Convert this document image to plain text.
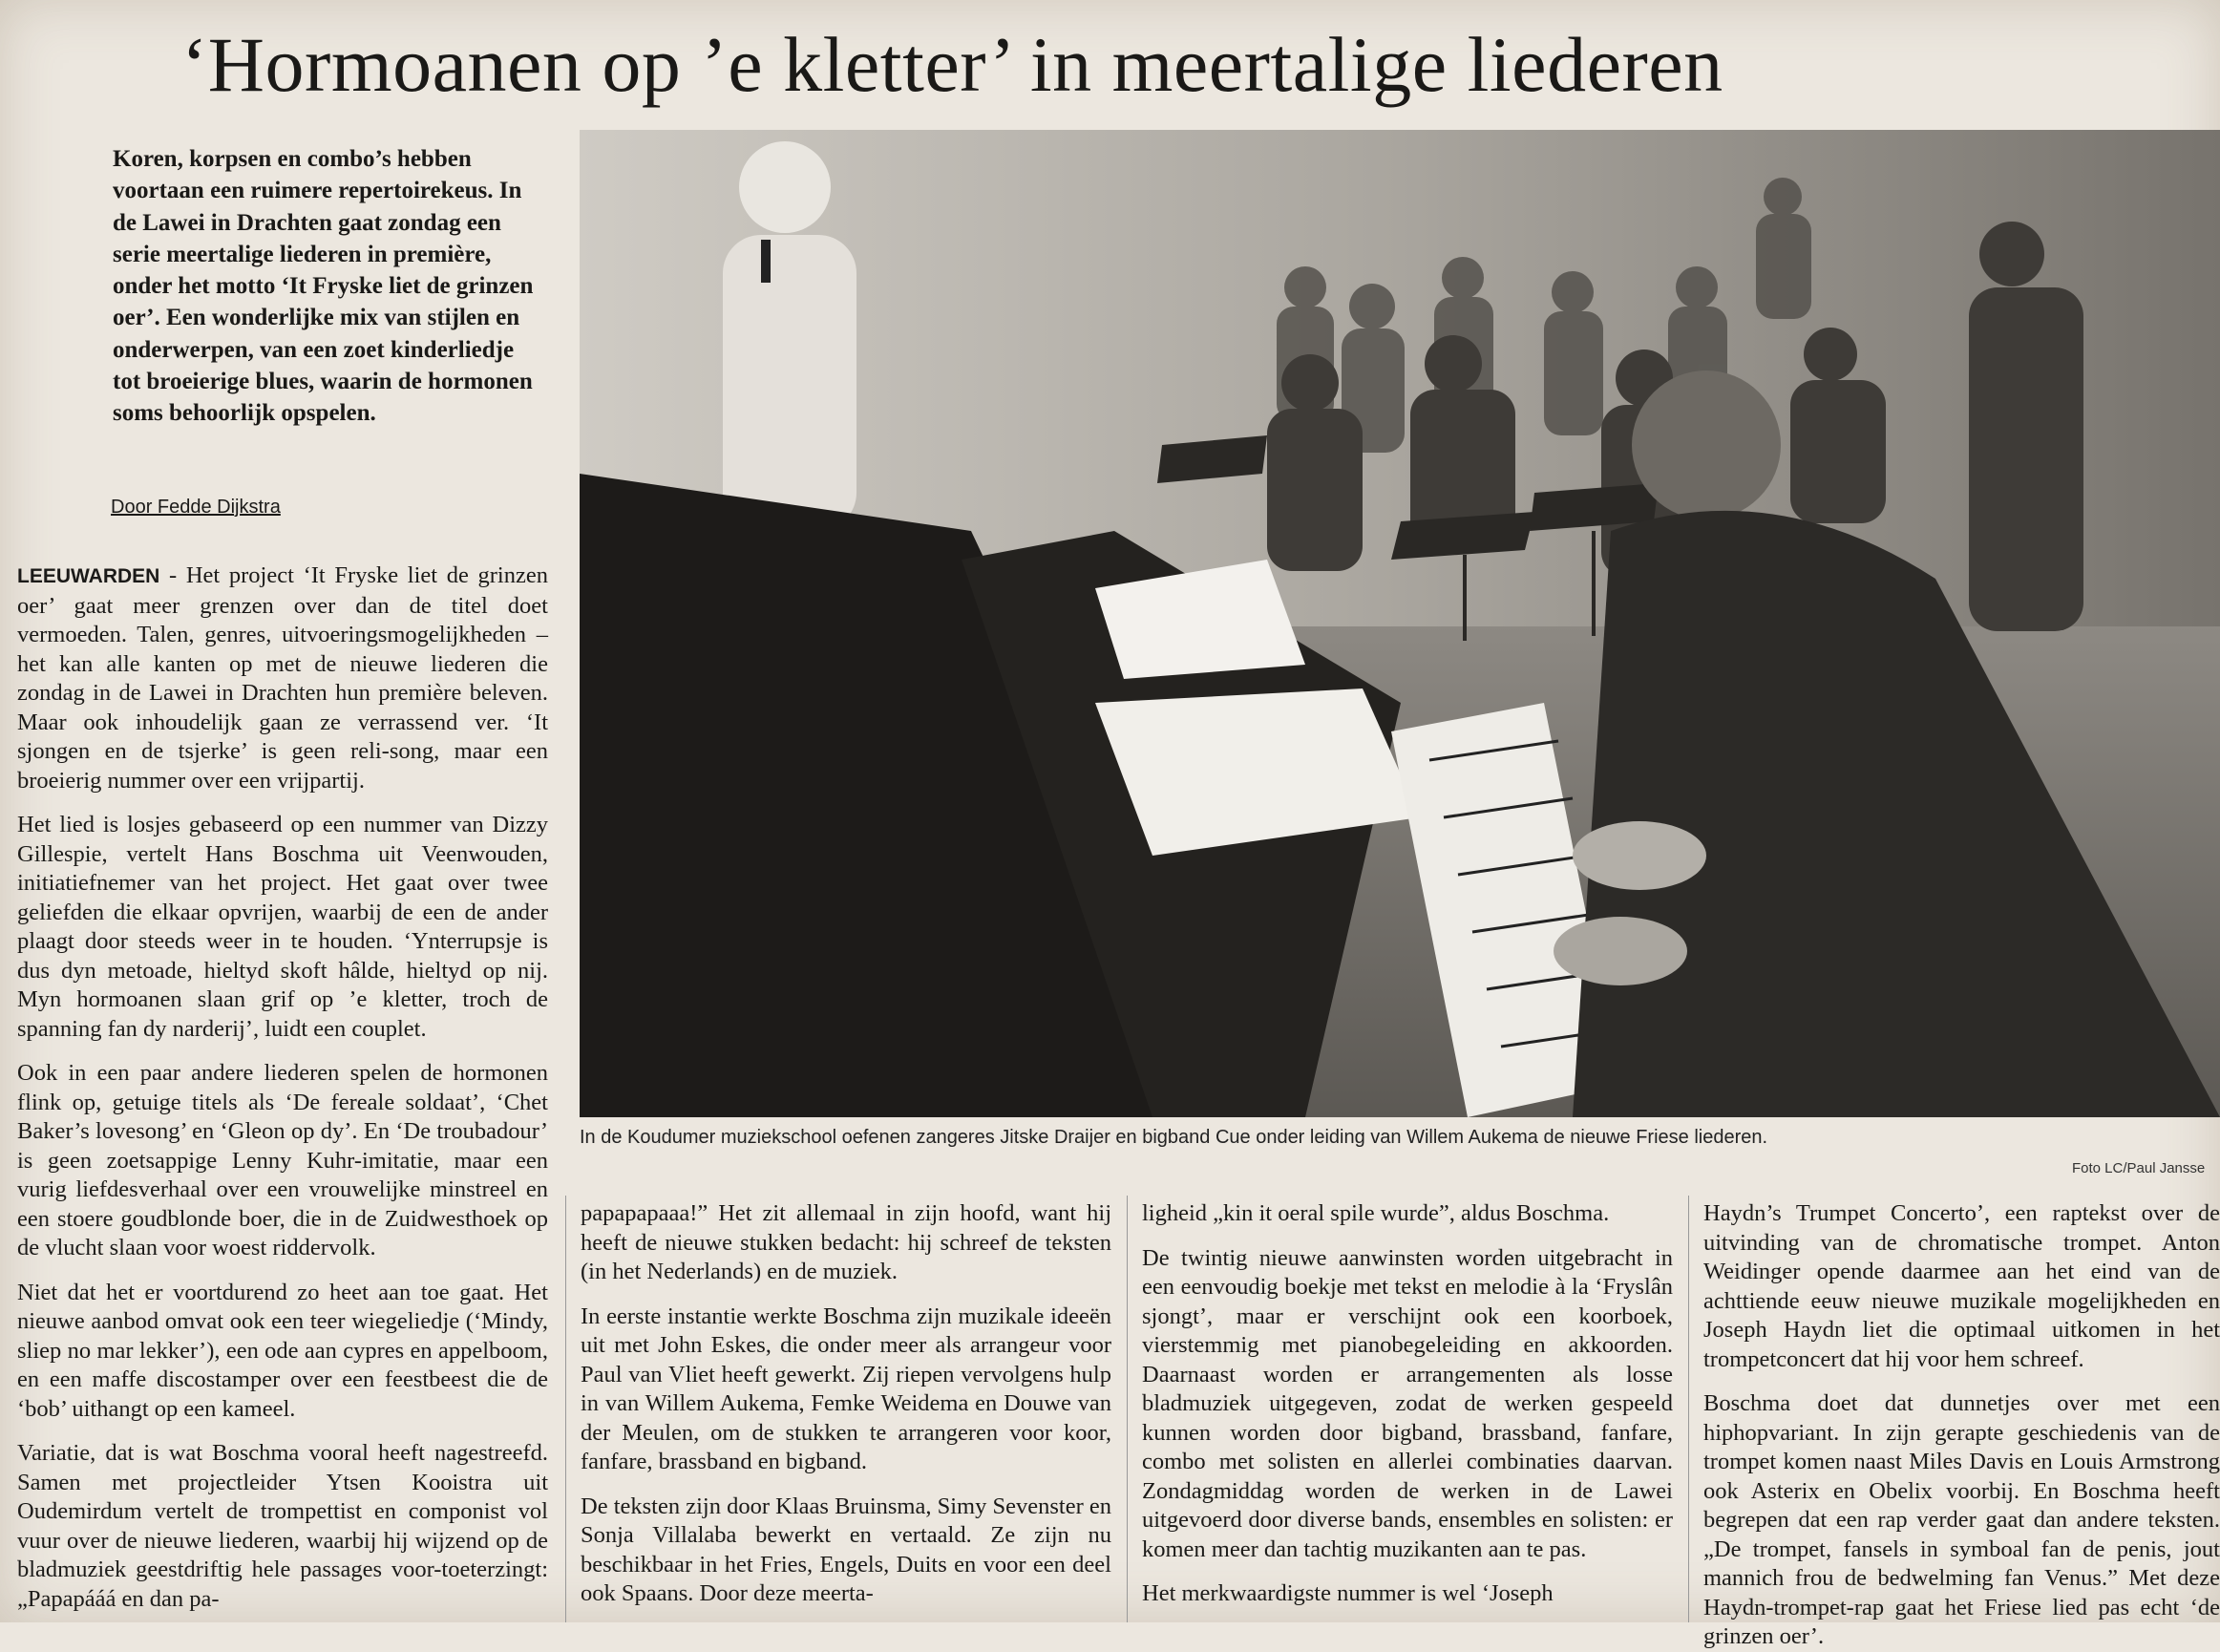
‘Hormoanen op ’e kletter’ in meertalige liederen
Koren, korpsen en combo’s hebben voortaan een ruimere repertoirekeus. In de Lawei in Drachten gaat zondag een serie meertalige liederen in première, onder het motto ‘It Fryske liet de grinzen oer’. Een wonderlijke mix van stijlen en onderwerpen, van een zoet kinderliedje tot broeierige blues, waarin de hormonen soms behoorlijk opspelen.
Door Fedde Dijkstra

LEEUWARDEN - Het project ‘It Fryske liet de grinzen oer’ gaat meer grenzen over dan de titel doet vermoeden. Talen, genres, uitvoeringsmogelijkheden – het kan alle kanten op met de nieuwe liederen die zondag in de Lawei in Drachten hun première beleven. Maar ook inhoudelijk gaan ze verrassend ver. ‘It sjongen en de tsjerke’ is geen reli-song, maar een broeierig nummer over een vrijpartij.

Het lied is losjes gebaseerd op een nummer van Dizzy Gillespie, vertelt Hans Boschma uit Veenwouden, initiatiefnemer van het project. Het gaat over twee geliefden die elkaar opvrijen, waarbij de een de ander plaagt door steeds weer in te houden. ‘Ynterrupsje is dus dyn metoade, hieltyd skoft hâlde, hieltyd op nij. Myn hormoanen slaan grif op ’e kletter, troch de spanning fan dy narderij’, luidt een couplet.

Ook in een paar andere liederen spelen de hormonen flink op, getuige titels als ‘De fereale soldaat’, ‘Chet Baker’s lovesong’ en ‘Gleon op dy’. En ‘De troubadour’ is geen zoetsappige Lenny Kuhr-imitatie, maar een vurig liefdesverhaal over een vrouwelijke minstreel en een stoere goudblonde boer, die in de Zuidwesthoek op de vlucht slaan voor woest riddervolk.

Niet dat het er voortdurend zo heet aan toe gaat. Het nieuwe aanbod omvat ook een teer wiegeliedje (‘Mindy, sliep no mar lekker’), een ode aan cypres en appelboom, en een maffe discostamper over een feestbeest die de ‘bob’ uithangt op een kameel.

Variatie, dat is wat Boschma vooral heeft nagestreefd. Samen met projectleider Ytsen Kooistra uit Oudemirdum vertelt de trompettist en componist vol vuur over de nieuwe liederen, waarbij hij wijzend op de bladmuziek geestdriftig hele passages voor-toeterzingt: „Papapááá en dan pa-

In de Koudumer muziekschool oefenen zangeres Jitske Draijer en bigband Cue onder leiding van Willem Aukema de nieuwe Friese liederen.
Foto LC/Paul Jansse

papapapaaa!” Het zit allemaal in zijn hoofd, want hij heeft de nieuwe stukken bedacht: hij schreef de teksten (in het Nederlands) en de muziek.

In eerste instantie werkte Boschma zijn muzikale ideeën uit met John Eskes, die onder meer als arrangeur voor Paul van Vliet heeft gewerkt. Zij riepen vervolgens hulp in van Willem Aukema, Femke Weidema en Douwe van der Meulen, om de stukken te arrangeren voor koor, fanfare, brassband en bigband.

De teksten zijn door Klaas Bruinsma, Simy Sevenster en Sonja Villalaba bewerkt en vertaald. Ze zijn nu beschikbaar in het Fries, Engels, Duits en voor een deel ook Spaans. Door deze meerta-

ligheid „kin it oeral spile wurde”, aldus Boschma.

De twintig nieuwe aanwinsten worden uitgebracht in een eenvoudig boekje met tekst en melodie à la ‘Fryslân sjongt’, maar er verschijnt ook een koorboek, vierstemmig met pianobegeleiding en akkoorden. Daarnaast worden er arrangementen als losse bladmuziek uitgegeven, zodat de werken gespeeld kunnen worden door bigband, brassband, fanfare, combo met solisten en allerlei combinaties daarvan. Zondagmiddag worden de werken in de Lawei uitgevoerd door diverse bands, ensembles en solisten: er komen meer dan tachtig muzikanten aan te pas.

Het merkwaardigste nummer is wel ‘Joseph

Haydn’s Trumpet Concerto’, een raptekst over de uitvinding van de chromatische trompet. Anton Weidinger opende daarmee aan het eind van de achttiende eeuw nieuwe muzikale mogelijkheden en Joseph Haydn liet die optimaal uitkomen in het trompetconcert dat hij voor hem schreef.

Boschma doet dat dunnetjes over met een hiphopvariant. In zijn gerapte geschiedenis van de trompet komen naast Miles Davis en Louis Armstrong ook Asterix en Obelix voorbij. En Boschma heeft begrepen dat een rap verder gaat dan andere teksten. „De trompet, fansels in symboal fan de penis, jout mannich frou de bedwelming fan Venus.” Met deze Haydn-trompet-rap gaat het Friese lied pas echt ‘de grinzen oer’.
